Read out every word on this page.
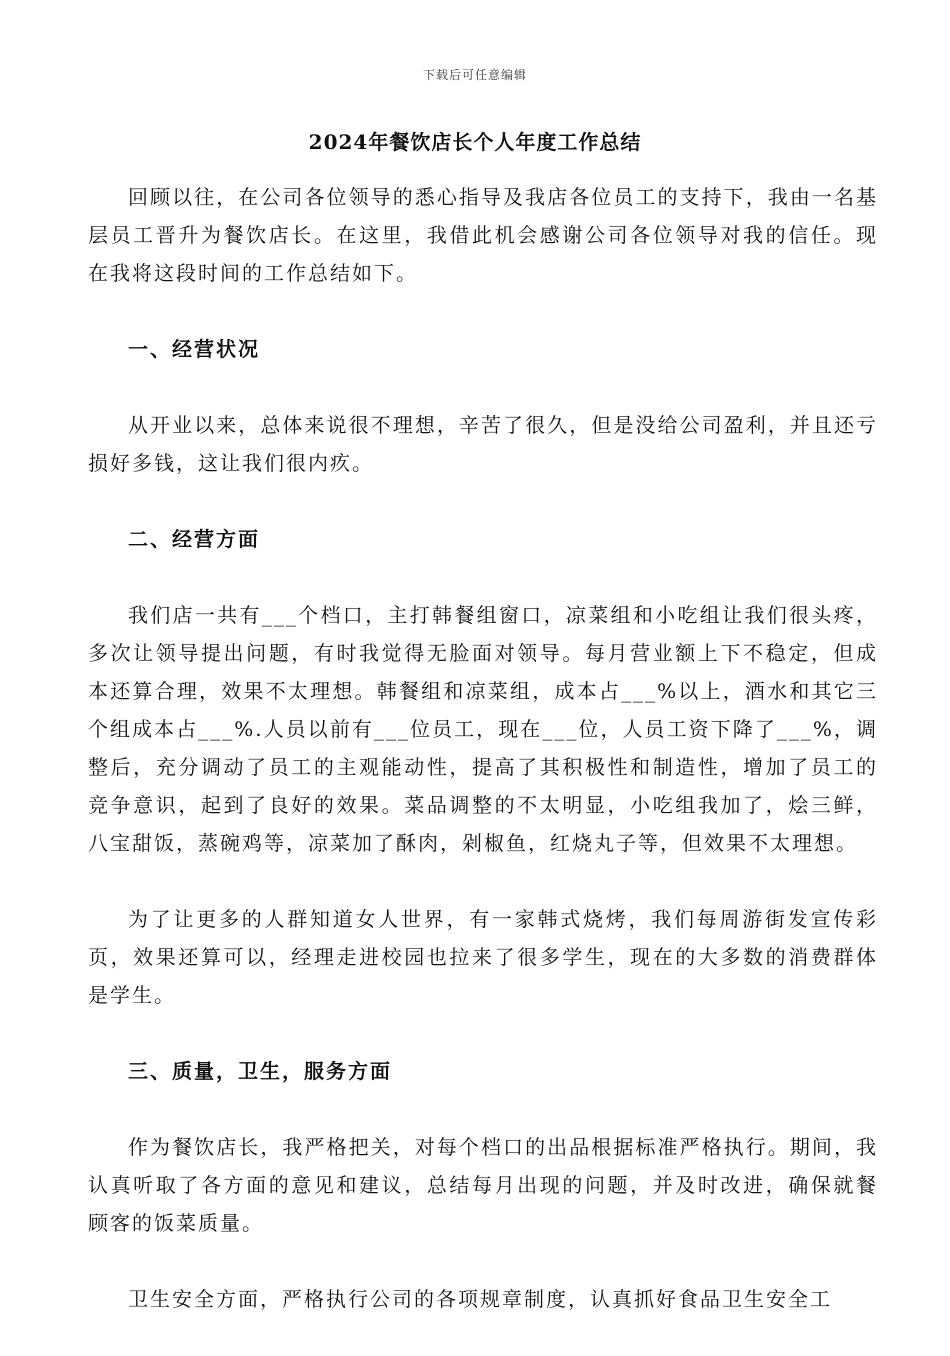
下载后可任意编辑
2024年餐饮店长个人年度工作总结

回顾以往，在公司各位领导的悉心指导及我店各位员工的支持下，我由一名基层员工晋升为餐饮店长。在这里，我借此机会感谢公司各位领导对我的信任。现在我将这段时间的工作总结如下。

一、经营状况

从开业以来，总体来说很不理想，辛苦了很久，但是没给公司盈利，并且还亏损好多钱，这让我们很内疚。

二、经营方面

我们店一共有___个档口，主打韩餐组窗口，凉菜组和小吃组让我们很头疼，多次让领导提出问题，有时我觉得无脸面对领导。每月营业额上下不稳定，但成本还算合理，效果不太理想。韩餐组和凉菜组，成本占___%以上，酒水和其它三个组成本占___%.人员以前有___位员工，现在___位，人员工资下降了___%，调整后，充分调动了员工的主观能动性，提高了其积极性和制造性，增加了员工的竞争意识，起到了良好的效果。菜品调整的不太明显，小吃组我加了，烩三鲜，八宝甜饭，蒸碗鸡等，凉菜加了酥肉，剁椒鱼，红烧丸子等，但效果不太理想。

为了让更多的人群知道女人世界，有一家韩式烧烤，我们每周游街发宣传彩页，效果还算可以，经理走进校园也拉来了很多学生，现在的大多数的消费群体是学生。

三、质量，卫生，服务方面

作为餐饮店长，我严格把关，对每个档口的出品根据标准严格执行。期间，我认真听取了各方面的意见和建议，总结每月出现的问题，并及时改进，确保就餐顾客的饭菜质量。

卫生安全方面，严格执行公司的各项规章制度，认真抓好食品卫生安全工
